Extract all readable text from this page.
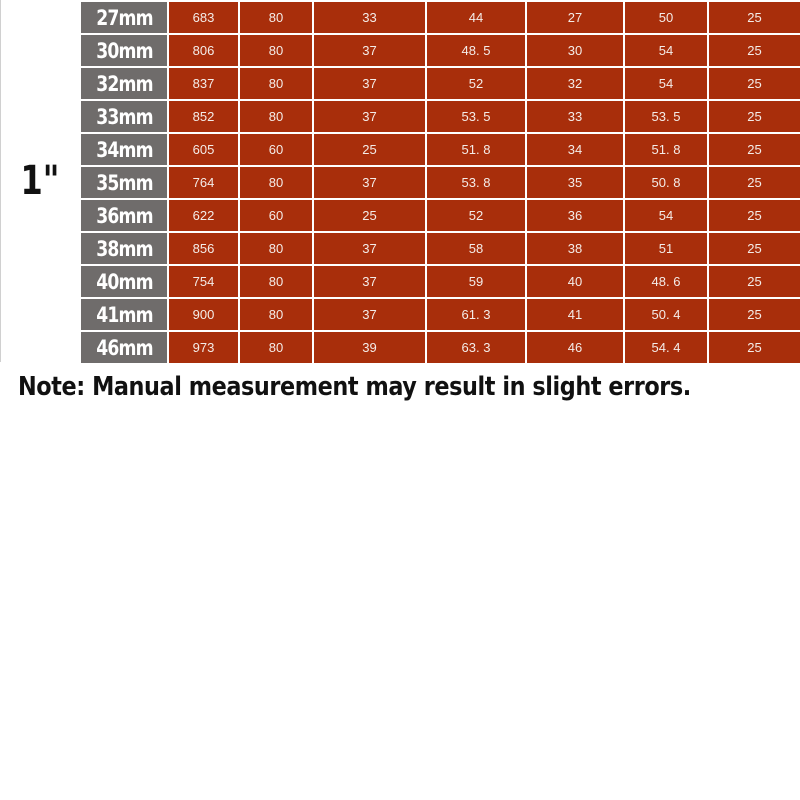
1"
27mm	683	80	33	44	27	50	25
30mm	806	80	37	48. 5	30	54	25
32mm	837	80	37	52	32	54	25
33mm	852	80	37	53. 5	33	53. 5	25
34mm	605	60	25	51. 8	34	51. 8	25
35mm	764	80	37	53. 8	35	50. 8	25
36mm	622	60	25	52	36	54	25
38mm	856	80	37	58	38	51	25
40mm	754	80	37	59	40	48. 6	25
41mm	900	80	37	61. 3	41	50. 4	25
46mm	973	80	39	63. 3	46	54. 4	25
Note: Manual measurement may result in slight errors.
